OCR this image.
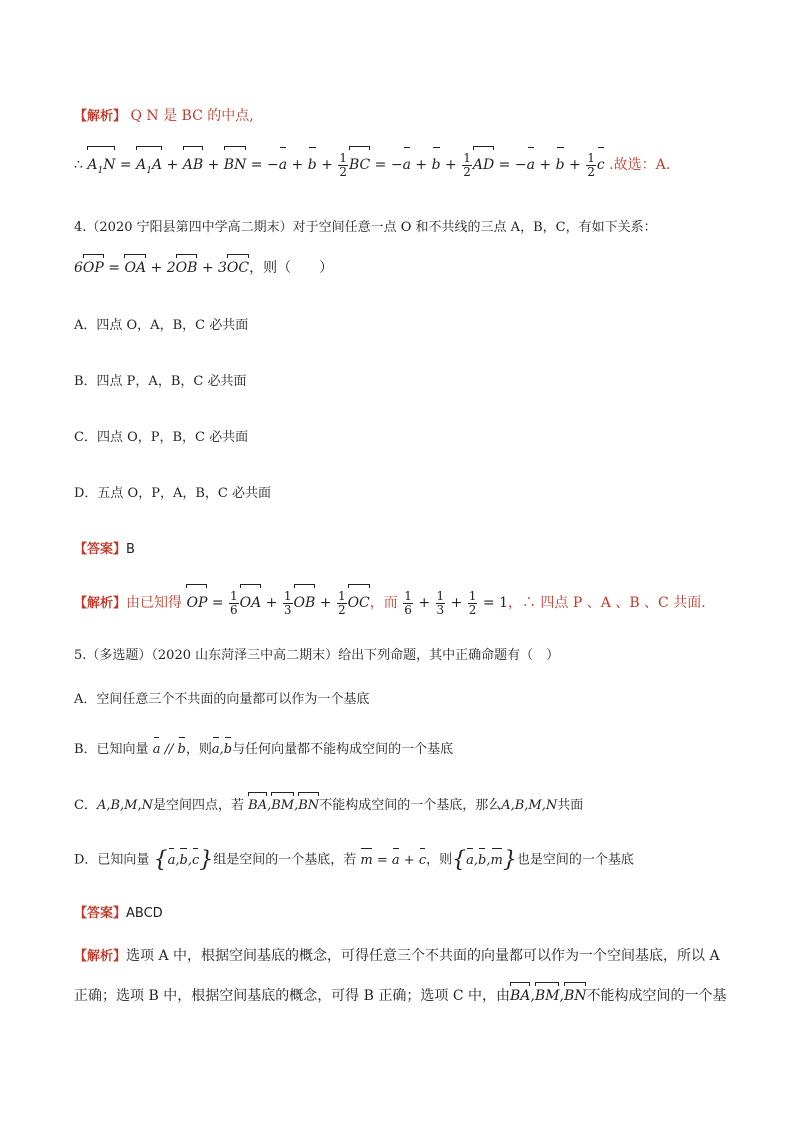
【解析】 Q N 是 BC 的中点,
∴ $A_1N = A_1A$ + AB + BN = $-a + b + \frac{1}{2}$ BC = $-a + b + \frac{1}{2}$ AD = $-a + b + \frac{1}{2}$ c .故选：A.
4.（2020 宁阳县第四中学高二期末）对于空间任意一点 O 和不共线的三点 A，B，C，有如下关系：
6OP = OA + 2OB + 3OC，则（　　）
A．四点 O，A，B，C 必共面
B．四点 P，A，B，C 必共面
C．四点 O，P，B，C 必共面
D．五点 O，P，A，B，C 必共面
【答案】B
【解析】由已知得 OP = $\frac{1}{6}$ OA + $\frac{1}{3}$ OB + $\frac{1}{2}$ OC，而 $\frac{1}{6} + \frac{1}{3} + \frac{1}{2} = 1$，∴ 四点 P 、A 、B 、C 共面.
5.（多选题）（2020 山东菏泽三中高二期末）给出下列命题，其中正确命题有（　）
A．空间任意三个不共面的向量都可以作为一个基底
B．已知向量 a // b，则a,b与任何向量都不能构成空间的一个基底
C．A,B,M,N是空间四点，若 BA,BM,BN不能构成空间的一个基底，那么A,B,M,N共面
D．已知向量 {a,b,c}组是空间的一个基底，若 m = a + c，则{a,b,m}也是空间的一个基底
【答案】ABCD
【解析】选项 A 中，根据空间基底的概念，可得任意三个不共面的向量都可以作为一个空间基底，所以 A
正确；选项 B 中，根据空间基底的概念，可得 B 正确；选项 C 中，由BA,BM,BN不能构成空间的一个基
